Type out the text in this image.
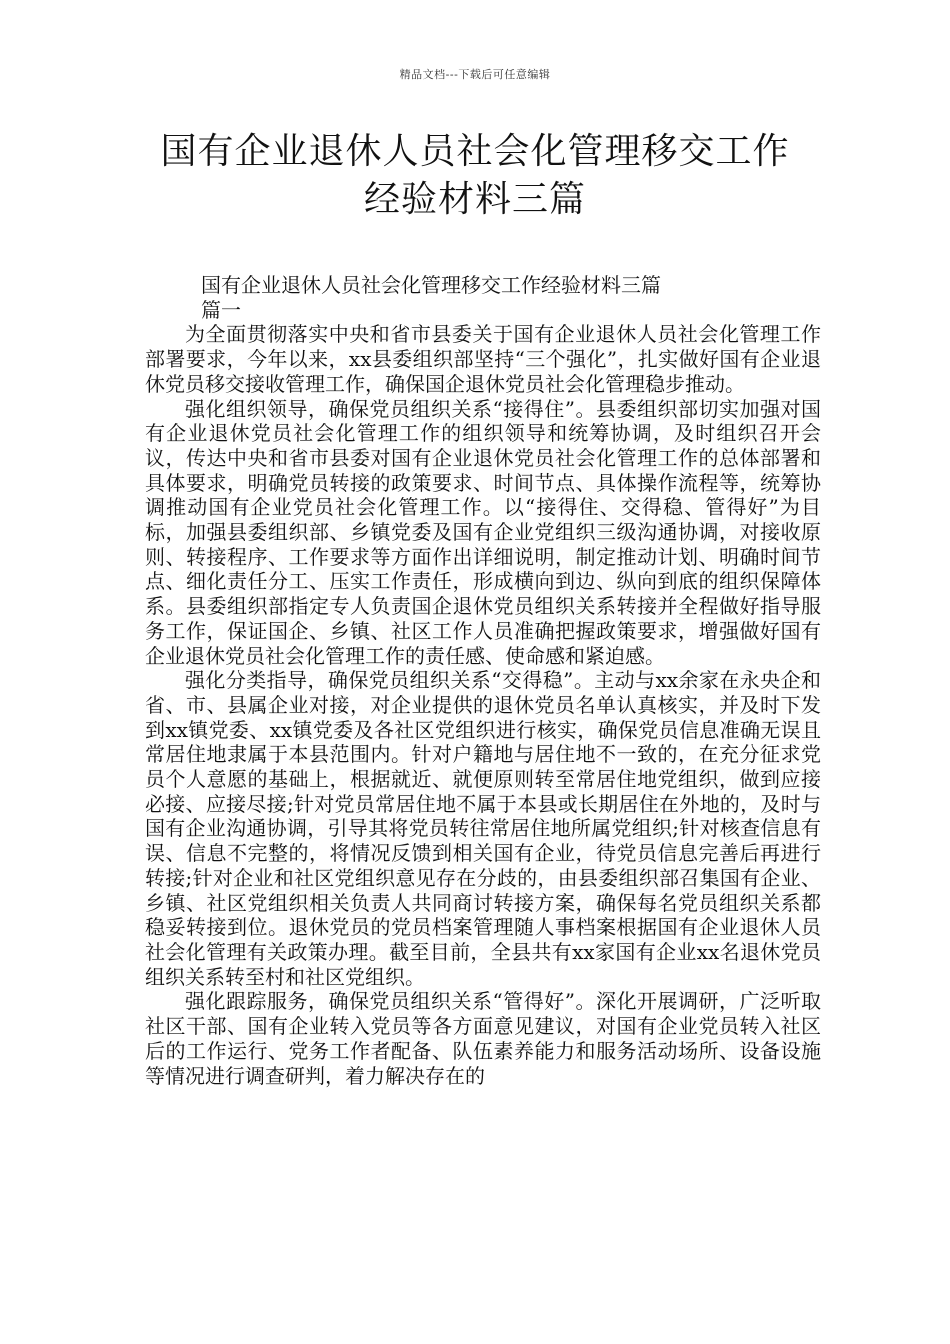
精品文档---下载后可任意编辑
国有企业退休人员社会化管理移交工作经验材料三篇

国有企业退休人员社会化管理移交工作经验材料三篇

篇一

为全面贯彻落实中央和省市县委关于国有企业退休人员社会化管理工作部署要求，今年以来，xx县委组织部坚持“三个强化”，扎实做好国有企业退休党员移交接收管理工作，确保国企退休党员社会化管理稳步推动。

强化组织领导，确保党员组织关系“接得住”。县委组织部切实加强对国有企业退休党员社会化管理工作的组织领导和统筹协调，及时组织召开会议，传达中央和省市县委对国有企业退休党员社会化管理工作的总体部署和具体要求，明确党员转接的政策要求、时间节点、具体操作流程等，统筹协调推动国有企业党员社会化管理工作。以“接得住、交得稳、管得好”为目标，加强县委组织部、乡镇党委及国有企业党组织三级沟通协调，对接收原则、转接程序、工作要求等方面作出详细说明，制定推动计划、明确时间节点、细化责任分工、压实工作责任，形成横向到边、纵向到底的组织保障体系。县委组织部指定专人负责国企退休党员组织关系转接并全程做好指导服务工作，保证国企、乡镇、社区工作人员准确把握政策要求，增强做好国有企业退休党员社会化管理工作的责任感、使命感和紧迫感。

强化分类指导，确保党员组织关系“交得稳”。主动与xx余家在永央企和省、市、县属企业对接，对企业提供的退休党员名单认真核实，并及时下发到xx镇党委、xx镇党委及各社区党组织进行核实，确保党员信息准确无误且常居住地隶属于本县范围内。针对户籍地与居住地不一致的，在充分征求党员个人意愿的基础上，根据就近、就便原则转至常居住地党组织，做到应接必接、应接尽接;针对党员常居住地不属于本县或长期居住在外地的，及时与国有企业沟通协调，引导其将党员转往常居住地所属党组织;针对核查信息有误、信息不完整的，将情况反馈到相关国有企业，待党员信息完善后再进行转接;针对企业和社区党组织意见存在分歧的，由县委组织部召集国有企业、乡镇、社区党组织相关负责人共同商讨转接方案，确保每名党员组织关系都稳妥转接到位。退休党员的党员档案管理随人事档案根据国有企业退休人员社会化管理有关政策办理。截至目前，全县共有xx家国有企业xx名退休党员组织关系转至村和社区党组织。

强化跟踪服务，确保党员组织关系“管得好”。深化开展调研，广泛听取社区干部、国有企业转入党员等各方面意见建议，对国有企业党员转入社区后的工作运行、党务工作者配备、队伍素养能力和服务活动场所、设备设施等情况进行调查研判，着力解决存在的
